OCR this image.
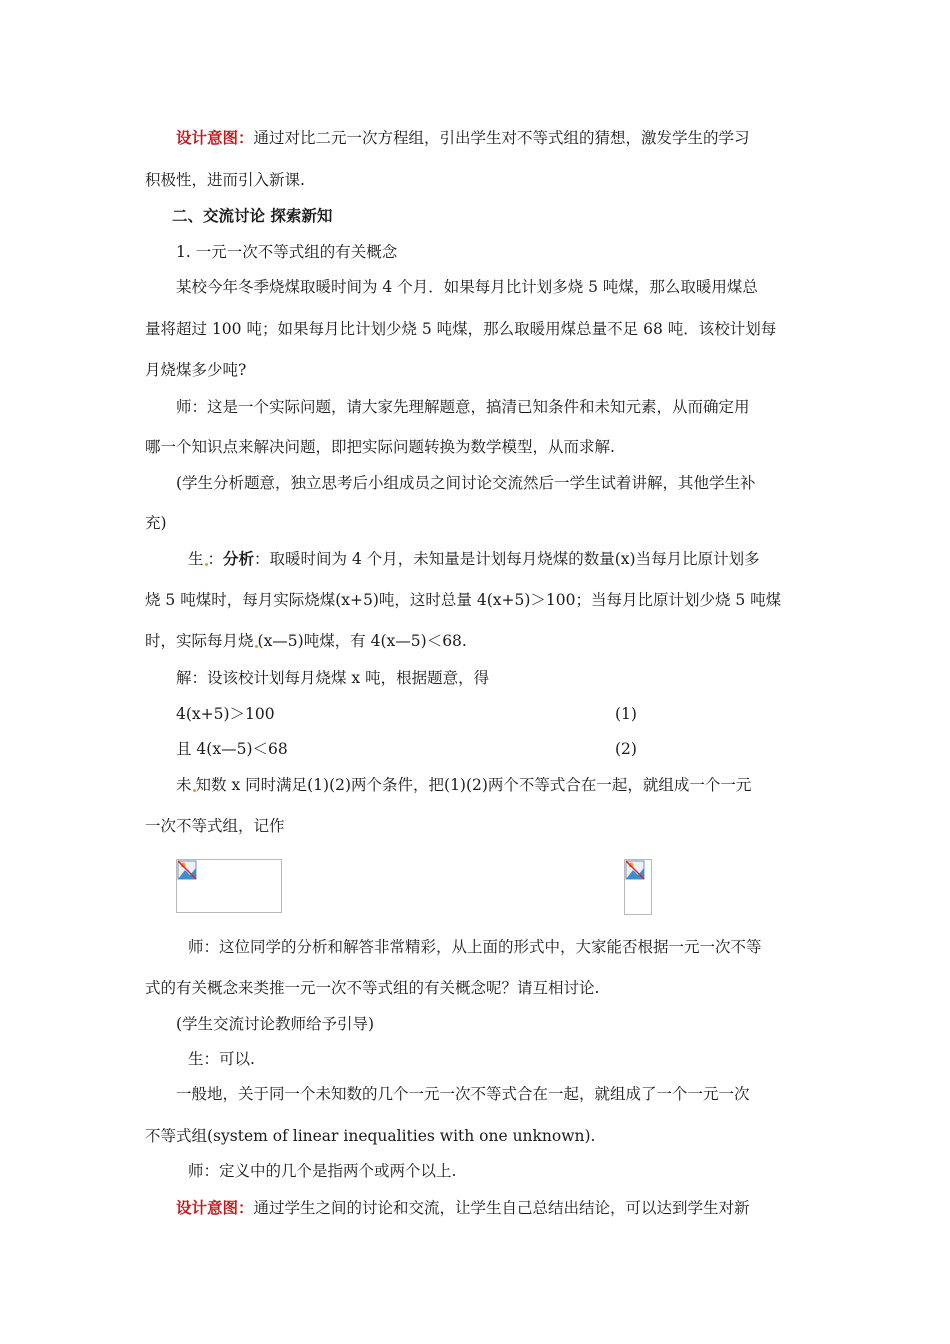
设计意图：通过对比二元一次方程组，引出学生对不等式组的猜想，激发学生的学习
积极性，进而引入新课.
二、交流讨论 探索新知
1. 一元一次不等式组的有关概念
某校今年冬季烧煤取暖时间为 4 个月．如果每月比计划多烧 5 吨煤，那么取暖用煤总
量将超过 100 吨；如果每月比计划少烧 5 吨煤，那么取暖用煤总量不足 68 吨．该校计划每
月烧煤多少吨?
师：这是一个实际问题，请大家先理解题意，搞清已知条件和未知元素，从而确定用
哪一个知识点来解决问题，即把实际问题转换为数学模型，从而求解.
(学生分析题意，独立思考后小组成员之间讨论交流然后一学生试着讲解，其他学生补
充)
生 ：分析：取暖时间为 4 个月，未知量是计划每月烧煤的数量(x)当每月比原计划多
烧 5 吨煤时，每月实际烧煤(x+5)吨，这时总量 4(x+5)＞100；当每月比原计划少烧 5 吨煤
时，实际每月烧 (x—5)吨煤，有 4(x—5)＜68.
解：设该校计划每月烧煤 x 吨，根据题意，得
4(x+5)＞100	(1)
且 4(x—5)＜68	(2)
未 知数 x 同时满足(1)(2)两个条件，把(1)(2)两个不等式合在一起，就组成一个一元
一次不等式组，记作
师：这位同学的分析和解答非常精彩，从上面的形式中，大家能否根据一元一次不等
式的有关概念来类推一元一次不等式组的有关概念呢？请互相讨论.
(学生交流讨论教师给予引导)
生：可以.
一般地，关于同一个未知数的几个一元一次不等式合在一起，就组成了一个一元一次
不等式组(system of linear inequalities with one unknown).
师：定义中的几个是指两个或两个以上.
设计意图：通过学生之间的讨论和交流，让学生自己总结出结论，可以达到学生对新
